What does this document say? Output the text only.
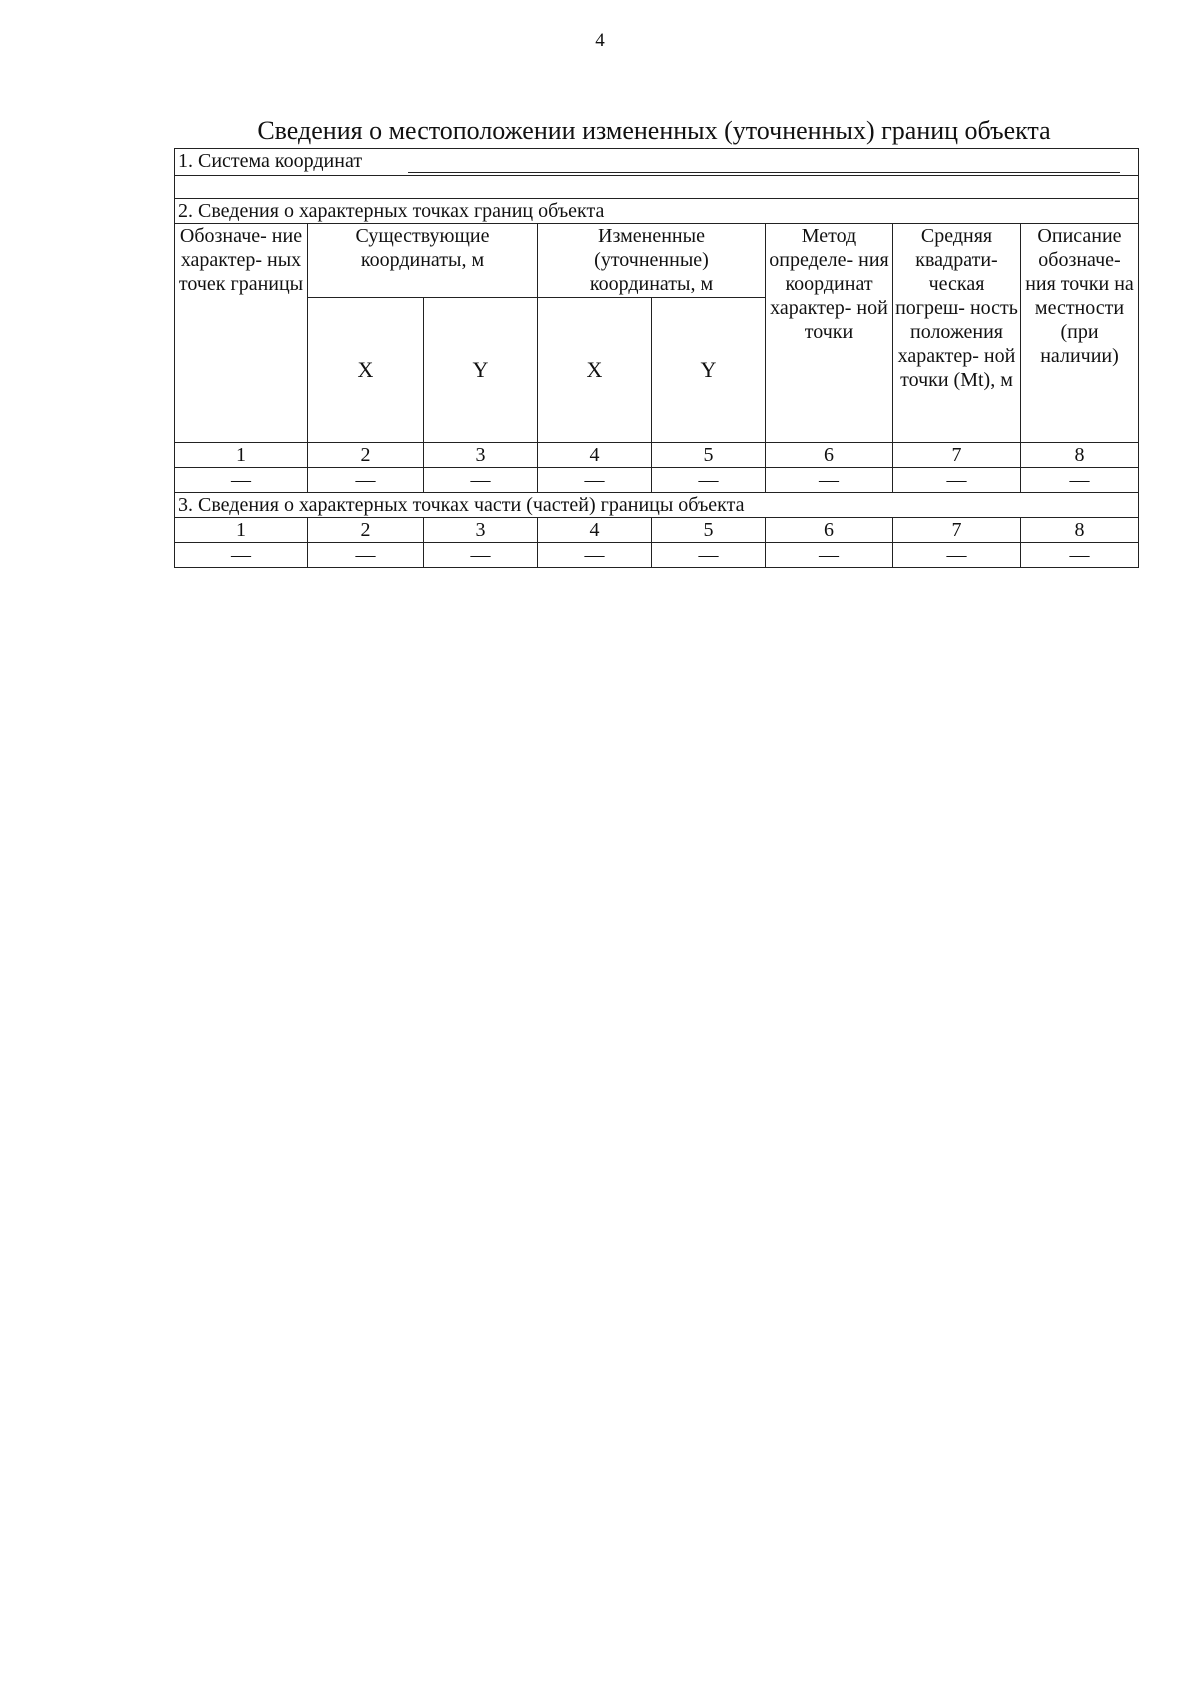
4
Сведения о местоположении измененных (уточненных) границ объекта
1. Система координат							

2. Сведения о характерных точках границ объекта							
Обозначе- ние характер- ных точек границы	Существующие координаты, м		Измененные (уточненные) координаты, м		Метод определе- ния координат характер- ной точки	Средняя квадрати- ческая погреш- ность положения характер- ной точки (Mt), м	Описание обозначе- ния точки на местности (при наличии)
	X	Y	X	Y			
1	2	3	4	5	6	7	8
—	—	—	—	—	—	—	—
3. Сведения о характерных точках части (частей) границы объекта							
1	2	3	4	5	6	7	8
—	—	—	—	—	—	—	—
